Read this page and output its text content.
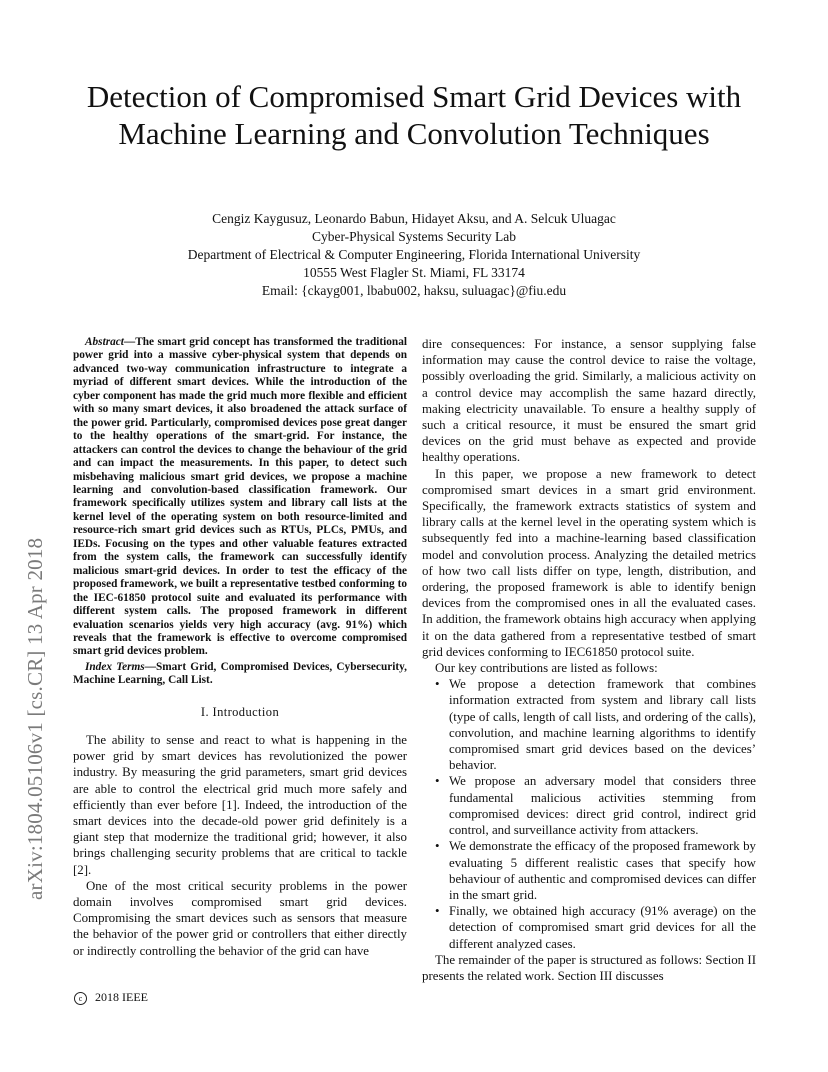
arXiv:1804.05106v1 [cs.CR] 13 Apr 2018
Detection of Compromised Smart Grid Devices with Machine Learning and Convolution Techniques
Cengiz Kaygusuz, Leonardo Babun, Hidayet Aksu, and A. Selcuk Uluagac
Cyber-Physical Systems Security Lab
Department of Electrical & Computer Engineering, Florida International University
10555 West Flagler St. Miami, FL 33174
Email: {ckayg001, lbabu002, haksu, suluagac}@fiu.edu

Abstract—The smart grid concept has transformed the traditional power grid into a massive cyber-physical system that depends on advanced two-way communication infrastructure to integrate a myriad of different smart devices. While the introduction of the cyber component has made the grid much more flexible and efficient with so many smart devices, it also broadened the attack surface of the power grid. Particularly, compromised devices pose great danger to the healthy operations of the smart-grid. For instance, the attackers can control the devices to change the behaviour of the grid and can impact the measurements. In this paper, to detect such misbehaving malicious smart grid devices, we propose a machine learning and convolution-based classification framework. Our framework specifically utilizes system and library call lists at the kernel level of the operating system on both resource-limited and resource-rich smart grid devices such as RTUs, PLCs, PMUs, and IEDs. Focusing on the types and other valuable features extracted from the system calls, the framework can successfully identify malicious smart-grid devices. In order to test the efficacy of the proposed framework, we built a representative testbed conforming to the IEC-61850 protocol suite and evaluated its performance with different system calls. The proposed framework in different evaluation scenarios yields very high accuracy (avg. 91%) which reveals that the framework is effective to overcome compromised smart grid devices problem.

Index Terms—Smart Grid, Compromised Devices, Cybersecurity, Machine Learning, Call List.

I. Introduction

The ability to sense and react to what is happening in the power grid by smart devices has revolutionized the power industry. By measuring the grid parameters, smart grid devices are able to control the electrical grid much more safely and efficiently than ever before [1]. Indeed, the introduction of the smart devices into the decade-old power grid definitely is a giant step that modernize the traditional grid; however, it also brings challenging security problems that are critical to tackle [2].

One of the most critical security problems in the power domain involves compromised smart grid devices. Compromising the smart devices such as sensors that measure the behavior of the power grid or controllers that either directly or indirectly controlling the behavior of the grid can have

dire consequences: For instance, a sensor supplying false information may cause the control device to raise the voltage, possibly overloading the grid. Similarly, a malicious activity on a control device may accomplish the same hazard directly, making electricity unavailable. To ensure a healthy supply of such a critical resource, it must be ensured the smart grid devices on the grid must behave as expected and provide healthy operations.

In this paper, we propose a new framework to detect compromised smart devices in a smart grid environment. Specifically, the framework extracts statistics of system and library calls at the kernel level in the operating system which is subsequently fed into a machine-learning based classification model and convolution process. Analyzing the detailed metrics of how two call lists differ on type, length, distribution, and ordering, the proposed framework is able to identify benign devices from the compromised ones in all the evaluated cases. In addition, the framework obtains high accuracy when applying it on the data gathered from a representative testbed of smart grid devices conforming to IEC61850 protocol suite.

Our key contributions are listed as follows:

• We propose a detection framework that combines information extracted from system and library call lists (type of calls, length of call lists, and ordering of the calls), convolution, and machine learning algorithms to identify compromised smart grid devices based on the devices’ behavior.
• We propose an adversary model that considers three fundamental malicious activities stemming from compromised devices: direct grid control, indirect grid control, and surveillance activity from attackers.
• We demonstrate the efficacy of the proposed framework by evaluating 5 different realistic cases that specify how behaviour of authentic and compromised devices can differ in the smart grid.
• Finally, we obtained high accuracy (91% average) on the detection of compromised smart grid devices for all the different analyzed cases.

The remainder of the paper is structured as follows: Section II presents the related work. Section III discusses

c 2018 IEEE
